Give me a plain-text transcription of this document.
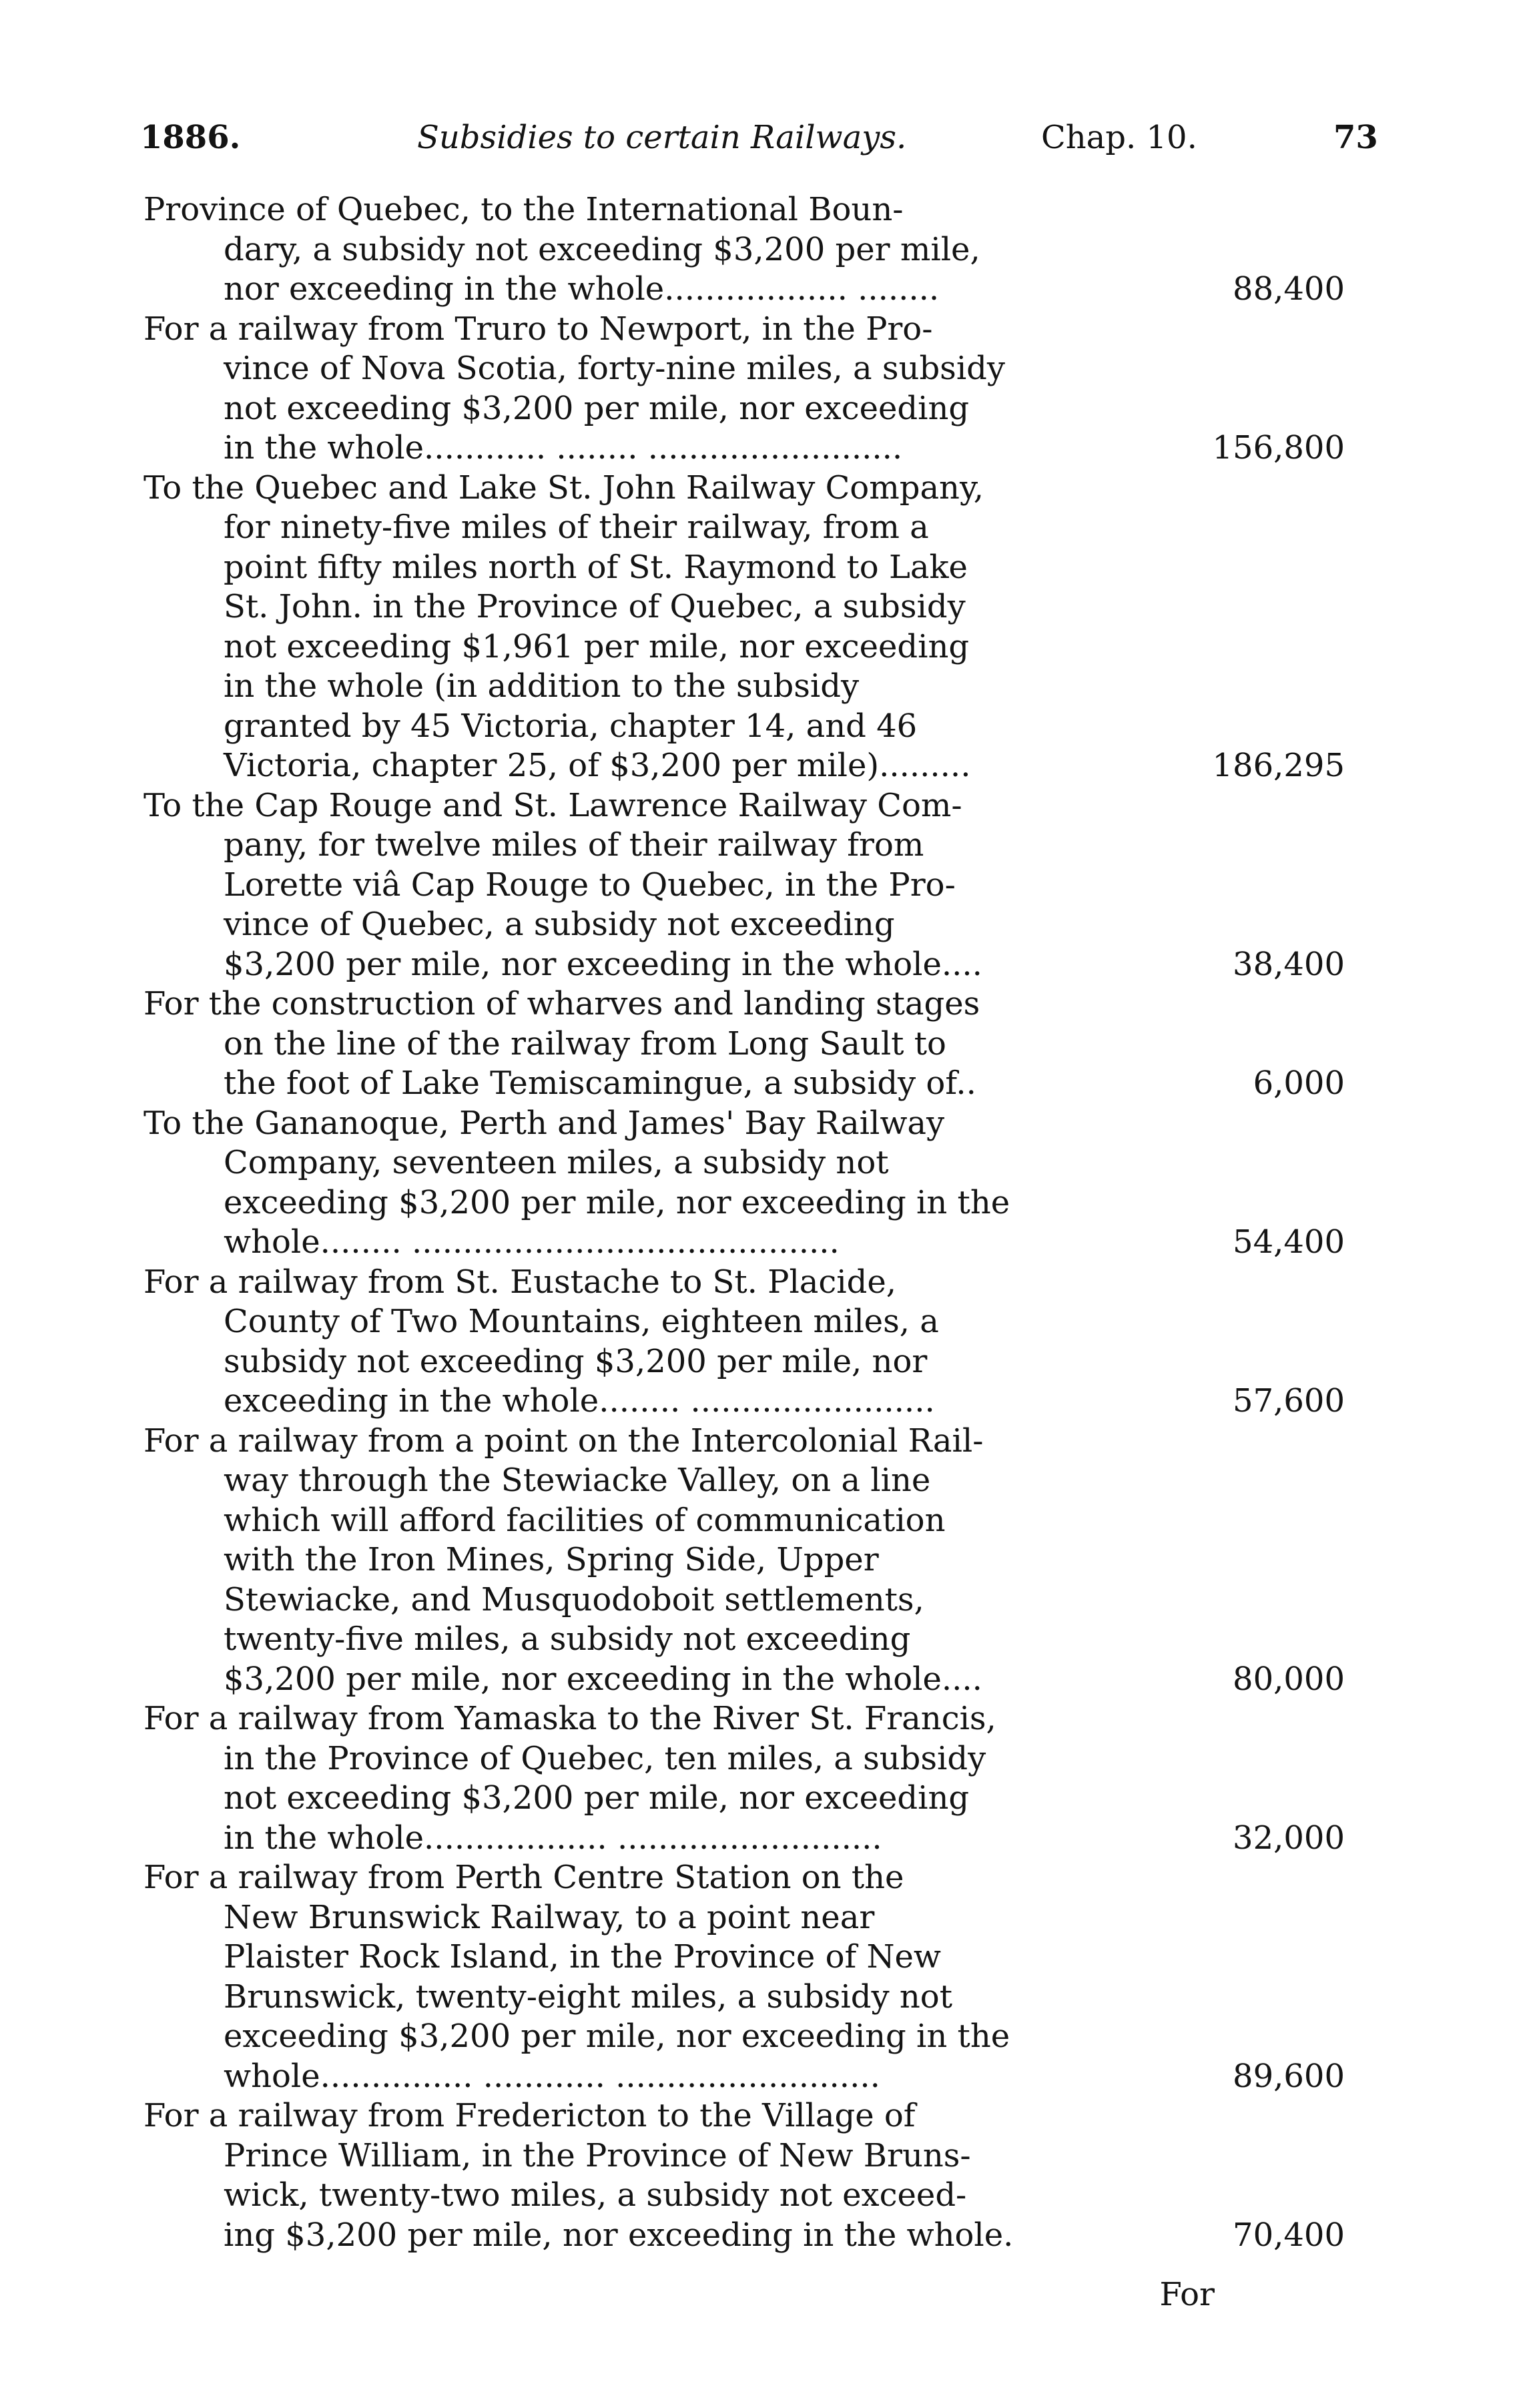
1886.	Subsidies to certain Railways.	Chap. 10.	73

Province of Quebec, to the International Boun-
dary, a subsidy not exceeding $3,200 per mile,
nor exceeding in the whole.................. ........	88,400

For a railway from Truro to Newport, in the Pro-
vince of Nova Scotia, forty-nine miles, a subsidy
not exceeding $3,200 per mile, nor exceeding
in the whole............ ........ .........................	156,800

To the Quebec and Lake St. John Railway Company,
for ninety-five miles of their railway, from a
point fifty miles north of St. Raymond to Lake
St. John. in the Province of Quebec, a subsidy
not exceeding $1,961 per mile, nor exceeding
in the whole (in addition to the subsidy
granted by 45 Victoria, chapter 14, and 46
Victoria, chapter 25, of $3,200 per mile).........	186,295

To the Cap Rouge and St. Lawrence Railway Com-
pany, for twelve miles of their railway from
Lorette viâ Cap Rouge to Quebec, in the Pro-
vince of Quebec, a subsidy not exceeding
$3,200 per mile, nor exceeding in the whole....	38,400

For the construction of wharves and landing stages
on the line of the railway from Long Sault to
the foot of Lake Temiscamingue, a subsidy of..	6,000

To the Gananoque, Perth and James' Bay Railway
Company, seventeen miles, a subsidy not
exceeding $3,200 per mile, nor exceeding in the
whole........ ..........................................	54,400

For a railway from St. Eustache to St. Placide,
County of Two Mountains, eighteen miles, a
subsidy not exceeding $3,200 per mile, nor
exceeding in the whole........ ........................	57,600

For a railway from a point on the Intercolonial Rail-
way through the Stewiacke Valley, on a line
which will afford facilities of communication
with the Iron Mines, Spring Side, Upper
Stewiacke, and Musquodoboit settlements,
twenty-five miles, a subsidy not exceeding
$3,200 per mile, nor exceeding in the whole....	80,000

For a railway from Yamaska to the River St. Francis,
in the Province of Quebec, ten miles, a subsidy
not exceeding $3,200 per mile, nor exceeding
in the whole.................. ..........................	32,000

For a railway from Perth Centre Station on the
New Brunswick Railway, to a point near
Plaister Rock Island, in the Province of New
Brunswick, twenty-eight miles, a subsidy not
exceeding $3,200 per mile, nor exceeding in the
whole............... ............ ..........................	89,600

For a railway from Fredericton to the Village of
Prince William, in the Province of New Bruns-
wick, twenty-two miles, a subsidy not exceed-
ing $3,200 per mile, nor exceeding in the whole.	70,400
For
